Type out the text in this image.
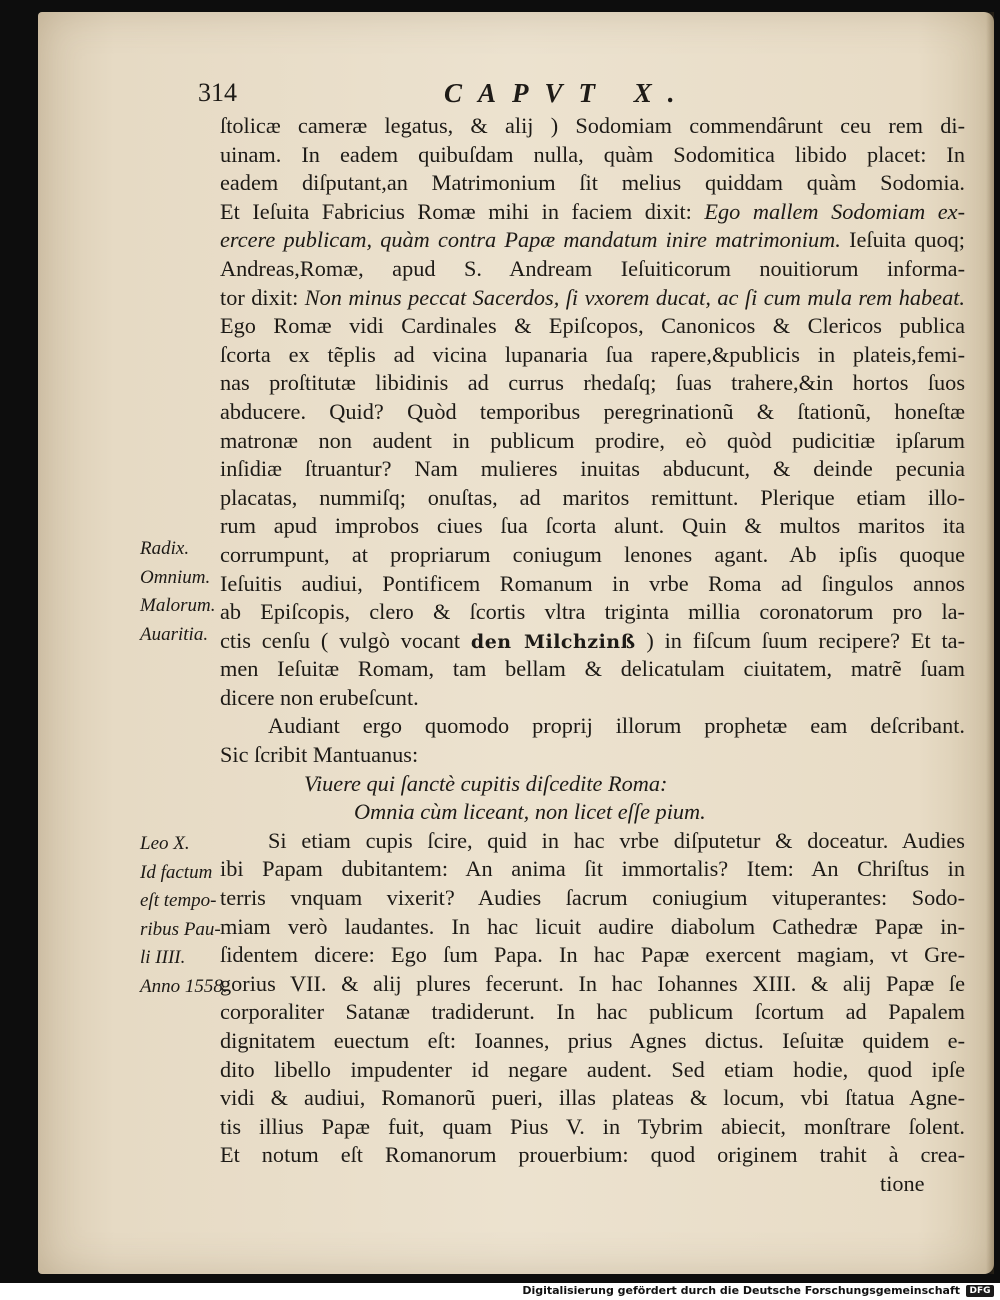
314	CAPVT X.
ſtolicæ cameræ legatus, & alij ) Sodomiam commendârunt ceu rem di-
uinam. In eadem quibuſdam nulla, quàm Sodomitica libido placet: In
eadem diſputant,an Matrimonium ſit melius quiddam quàm Sodomia.
Et Ieſuita Fabricius Romæ mihi in faciem dixit: Ego mallem Sodomiam ex-
ercere publicam, quàm contra Papæ mandatum inire matrimonium. Ieſuita quoq;
Andreas,Romæ, apud S. Andream Ieſuiticorum nouitiorum informa-
tor dixit: Non minus peccat Sacerdos, ſi vxorem ducat, ac ſi cum mula rem habeat.
Ego Romæ vidi Cardinales & Epiſcopos, Canonicos & Clericos publica
ſcorta ex tẽplis ad vicina lupanaria ſua rapere,&publicis in plateis,femi-
nas proſtitutæ libidinis ad currus rhedaſq; ſuas trahere,&in hortos ſuos
abducere. Quid? Quòd temporibus peregrinationũ & ſtationũ, honeſtæ
matronæ non audent in publicum prodire, eò quòd pudicitiæ ipſarum
inſidiæ ſtruantur? Nam mulieres inuitas abducunt, & deinde pecunia
placatas, nummiſq; onuſtas, ad maritos remittunt. Plerique etiam illo-
rum apud improbos ciues ſua ſcorta alunt. Quin & multos maritos ita
corrumpunt, at propriarum coniugum lenones agant. Ab ipſis quoque
Ieſuitis audiui, Pontificem Romanum in vrbe Roma ad ſingulos annos
ab Epiſcopis, clero & ſcortis vltra triginta millia coronatorum pro la-
ctis cenſu ( vulgò vocant den Milchzinß ) in fiſcum ſuum recipere? Et ta-
men Ieſuitæ Romam, tam bellam & delicatulam ciuitatem, matrẽ ſuam
dicere non erubeſcunt.
Audiant ergo quomodo proprij illorum prophetæ eam deſcribant.
Sic ſcribit Mantuanus:
Viuere qui ſanctè cupitis diſcedite Roma:
Omnia cùm liceant, non licet eſſe pium.
Si etiam cupis ſcire, quid in hac vrbe diſputetur & doceatur. Audies
ibi Papam dubitantem: An anima ſit immortalis? Item: An Chriſtus in
terris vnquam vixerit? Audies ſacrum coniugium vituperantes: Sodo-
miam verò laudantes. In hac licuit audire diabolum Cathedræ Papæ in-
ſidentem dicere: Ego ſum Papa. In hac Papæ exercent magiam, vt Gre-
gorius VII. & alij plures fecerunt. In hac Iohannes XIII. & alij Papæ ſe
corporaliter Satanæ tradiderunt. In hac publicum ſcortum ad Papalem
dignitatem euectum eſt: Ioannes, prius Agnes dictus. Ieſuitæ quidem e-
dito libello impudenter id negare audent. Sed etiam hodie, quod ipſe
vidi & audiui, Romanorũ pueri, illas plateas & locum, vbi ſtatua Agne-
tis illius Papæ fuit, quam Pius V. in Tybrim abiecit, monſtrare ſolent.
Et notum eſt Romanorum prouerbium: quod originem trahit à crea-
tione
Radix.
Omnium.
Malorum.
Auaritia.
Leo X.
Id factum
eſt tempo-
ribus Pau-
li IIII.
Anno 1558.
Digitalisierung gefördert durch die Deutsche Forschungsgemeinschaft	DFG
